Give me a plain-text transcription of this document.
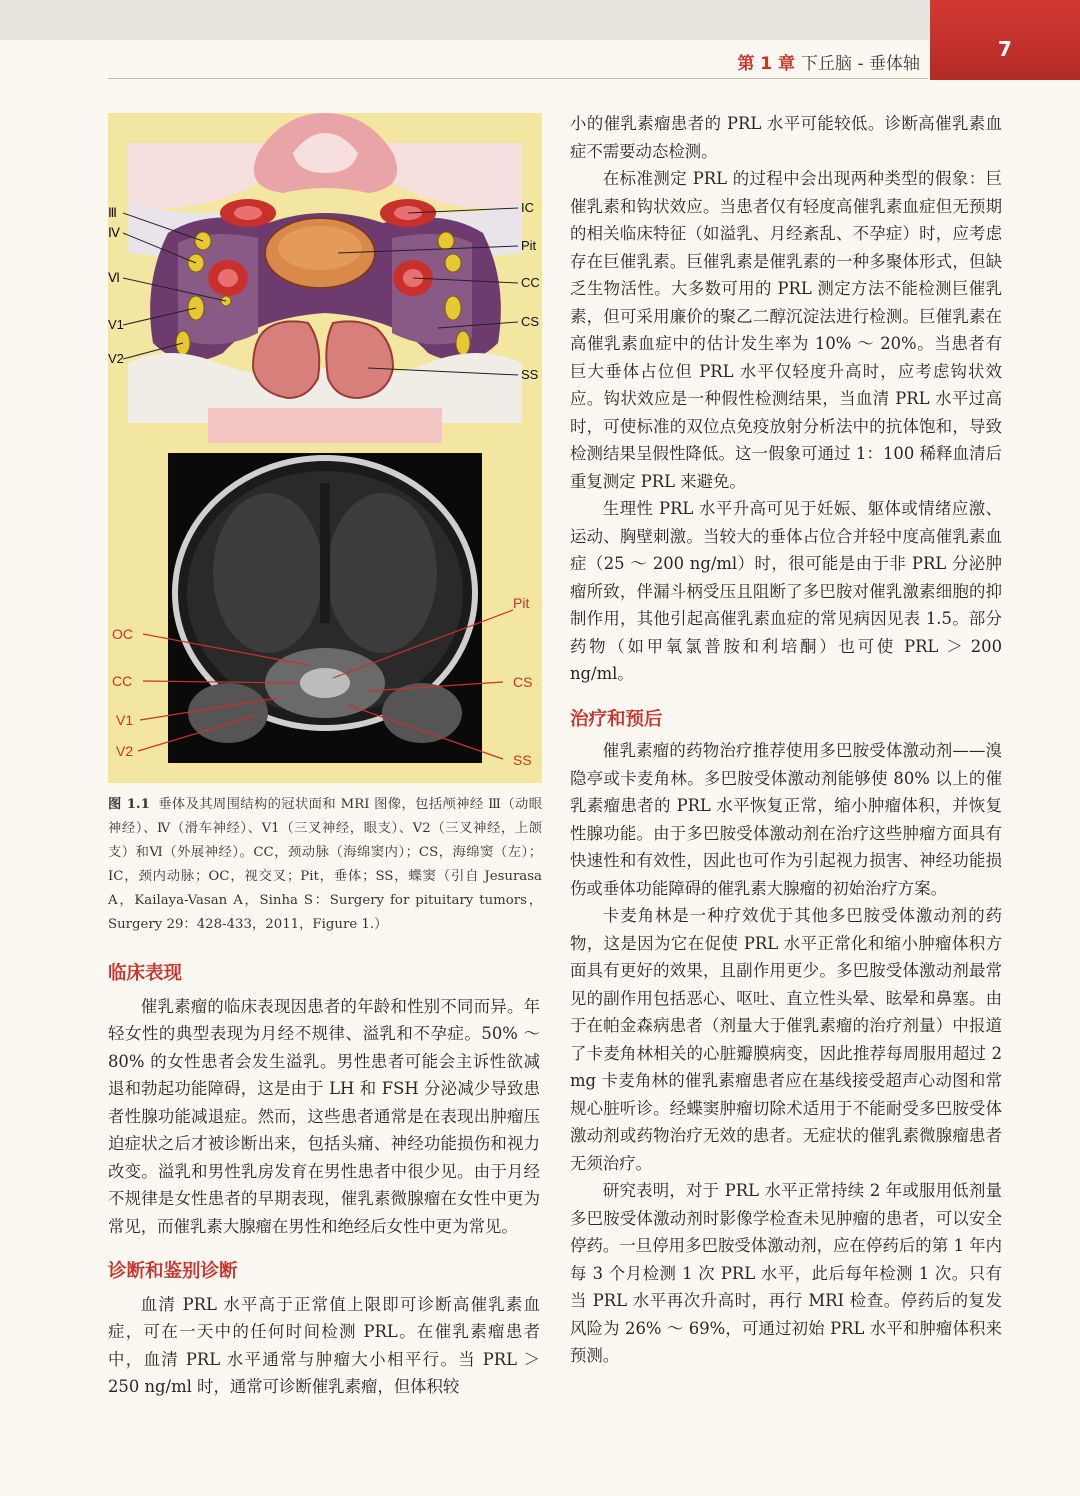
第 1 章 下丘脑 - 垂体轴
7
Ⅲ
Ⅳ
Ⅵ
V1
V2
IC
Pit
CC
CS
SS
OC
CC
V1
V2
Pit
CS
SS
图 1.1 垂体及其周围结构的冠状面和 MRI 图像，包括颅神经 Ⅲ（动眼神经）、Ⅳ（滑车神经）、V1（三叉神经，眼支）、V2（三叉神经，上颌支）和Ⅵ（外展神经）。CC，颈动脉（海绵窦内）；CS，海绵窦（左）；IC，颈内动脉；OC，视交叉；Pit，垂体；SS，蝶窦（引自 Jesurasa A，Kailaya-Vasan A，Sinha S：Surgery for pituitary tumors，Surgery 29：428-433，2011，Figure 1.）
临床表现

催乳素瘤的临床表现因患者的年龄和性别不同而异。年轻女性的典型表现为月经不规律、溢乳和不孕症。50% ～ 80% 的女性患者会发生溢乳。男性患者可能会主诉性欲减退和勃起功能障碍，这是由于 LH 和 FSH 分泌减少导致患者性腺功能减退症。然而，这些患者通常是在表现出肿瘤压迫症状之后才被诊断出来，包括头痛、神经功能损伤和视力改变。溢乳和男性乳房发育在男性患者中很少见。由于月经不规律是女性患者的早期表现，催乳素微腺瘤在女性中更为常见，而催乳素大腺瘤在男性和绝经后女性中更为常见。

诊断和鉴别诊断

血清 PRL 水平高于正常值上限即可诊断高催乳素血症，可在一天中的任何时间检测 PRL。在催乳素瘤患者中，血清 PRL 水平通常与肿瘤大小相平行。当 PRL ＞ 250 ng/ml 时，通常可诊断催乳素瘤，但体积较

小的催乳素瘤患者的 PRL 水平可能较低。诊断高催乳素血症不需要动态检测。

在标准测定 PRL 的过程中会出现两种类型的假象：巨催乳素和钩状效应。当患者仅有轻度高催乳素血症但无预期的相关临床特征（如溢乳、月经紊乱、不孕症）时，应考虑存在巨催乳素。巨催乳素是催乳素的一种多聚体形式，但缺乏生物活性。大多数可用的 PRL 测定方法不能检测巨催乳素，但可采用廉价的聚乙二醇沉淀法进行检测。巨催乳素在高催乳素血症中的估计发生率为 10% ～ 20%。当患者有巨大垂体占位但 PRL 水平仅轻度升高时，应考虑钩状效应。钩状效应是一种假性检测结果，当血清 PRL 水平过高时，可使标准的双位点免疫放射分析法中的抗体饱和，导致检测结果呈假性降低。这一假象可通过 1：100 稀释血清后重复测定 PRL 来避免。

生理性 PRL 水平升高可见于妊娠、躯体或情绪应激、运动、胸壁刺激。当较大的垂体占位合并轻中度高催乳素血症（25 ～ 200 ng/ml）时，很可能是由于非 PRL 分泌肿瘤所致，伴漏斗柄受压且阻断了多巴胺对催乳激素细胞的抑制作用，其他引起高催乳素血症的常见病因见表 1.5。部分药物（如甲氧氯普胺和利培酮）也可使 PRL ＞ 200 ng/ml。

治疗和预后

催乳素瘤的药物治疗推荐使用多巴胺受体激动剂——溴隐亭或卡麦角林。多巴胺受体激动剂能够使 80% 以上的催乳素瘤患者的 PRL 水平恢复正常，缩小肿瘤体积，并恢复性腺功能。由于多巴胺受体激动剂在治疗这些肿瘤方面具有快速性和有效性，因此也可作为引起视力损害、神经功能损伤或垂体功能障碍的催乳素大腺瘤的初始治疗方案。

卡麦角林是一种疗效优于其他多巴胺受体激动剂的药物，这是因为它在促使 PRL 水平正常化和缩小肿瘤体积方面具有更好的效果，且副作用更少。多巴胺受体激动剂最常见的副作用包括恶心、呕吐、直立性头晕、眩晕和鼻塞。由于在帕金森病患者（剂量大于催乳素瘤的治疗剂量）中报道了卡麦角林相关的心脏瓣膜病变，因此推荐每周服用超过 2 mg 卡麦角林的催乳素瘤患者应在基线接受超声心动图和常规心脏听诊。经蝶窦肿瘤切除术适用于不能耐受多巴胺受体激动剂或药物治疗无效的患者。无症状的催乳素微腺瘤患者无须治疗。

研究表明，对于 PRL 水平正常持续 2 年或服用低剂量多巴胺受体激动剂时影像学检查未见肿瘤的患者，可以安全停药。一旦停用多巴胺受体激动剂，应在停药后的第 1 年内每 3 个月检测 1 次 PRL 水平，此后每年检测 1 次。只有当 PRL 水平再次升高时，再行 MRI 检查。停药后的复发风险为 26% ～ 69%，可通过初始 PRL 水平和肿瘤体积来预测。
